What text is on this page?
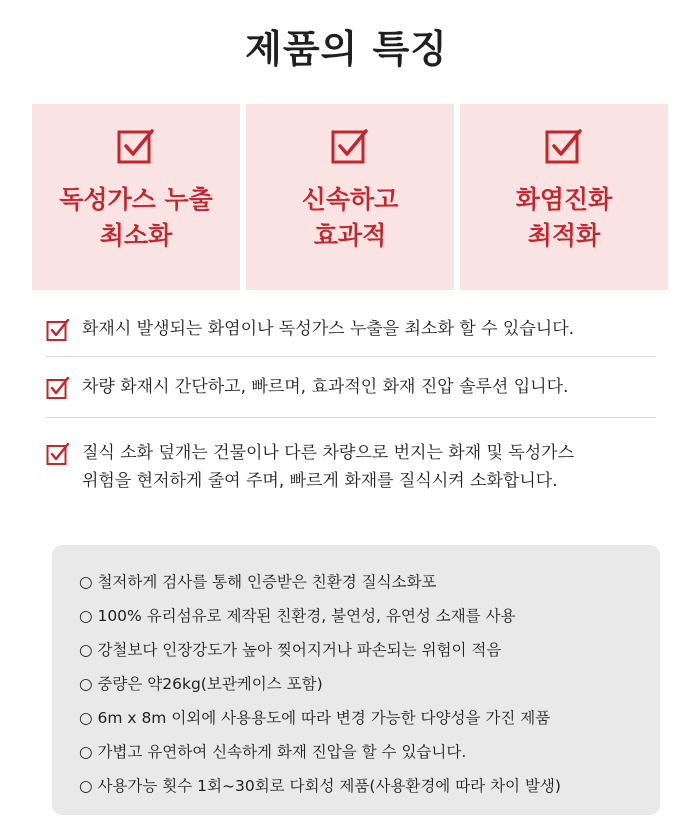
제품의 특징
독성가스 누출
최소화
신속하고
효과적
화염진화
최적화
화재시 발생되는 화염이나 독성가스 누출을 최소화 할 수 있습니다.
차량 화재시 간단하고, 빠르며, 효과적인 화재 진압 솔루션 입니다.
질식 소화 덮개는 건물이나 다른 차량으로 번지는 화재 및 독성가스
위험을 현저하게 줄여 주며, 빠르게 화재를 질식시켜 소화합니다.
○ 철저하게 검사를 통해 인증받은 친환경 질식소화포
○ 100% 유리섬유로 제작된 친환경, 불연성, 유연성 소재를 사용
○ 강철보다 인장강도가 높아 찢어지거나 파손되는 위험이 적음
○ 중량은 약26kg(보관케이스 포함)
○ 6m x 8m 이외에 사용용도에 따라 변경 가능한 다양성을 가진 제품
○ 가볍고 유연하여 신속하게 화재 진압을 할 수 있습니다.
○ 사용가능 횟수 1회~30회로 다회성 제품(사용환경에 따라 차이 발생)
